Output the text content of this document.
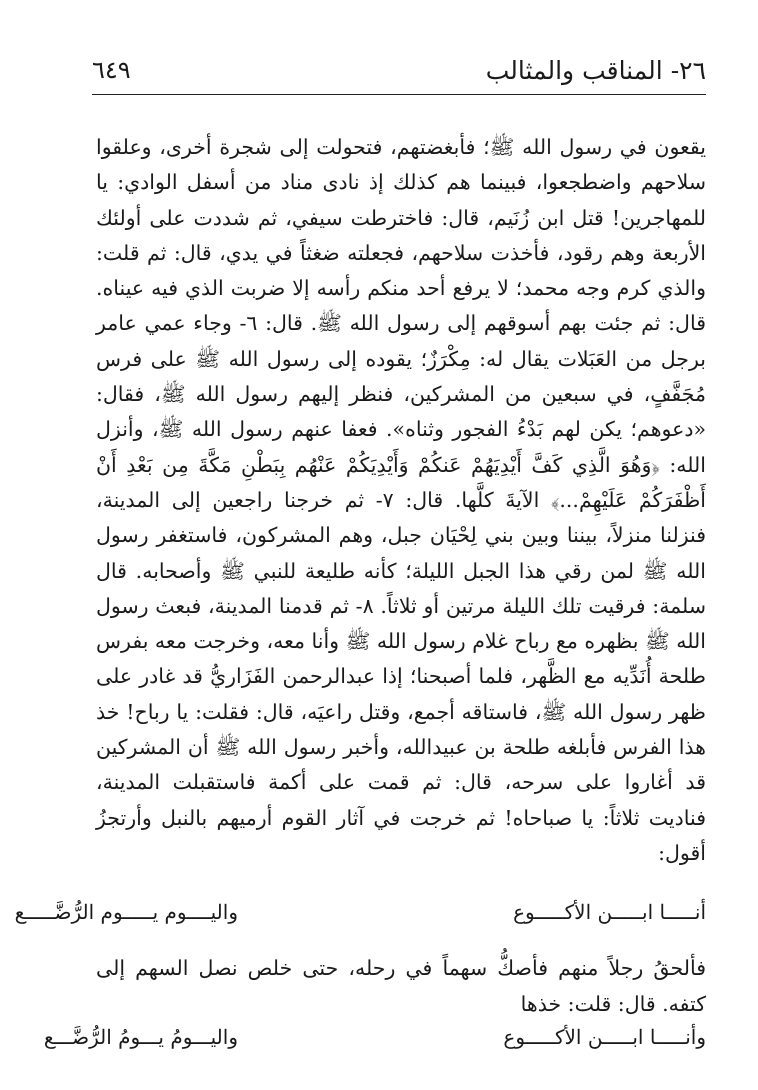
٢٦- المناقب والمثالب
٦٤٩

يقعون في رسول الله ﷺ؛ فأبغضتهم، فتحولت إلى شجرة أخرى، وعلقوا سلاحهم واضطجعوا، فبينما هم كذلك إذ نادى مناد من أسفل الوادي: يا للمهاجرين! قتل ابن زُنَيم، قال: فاخترطت سيفي، ثم شددت على أولئك الأربعة وهم رقود، فأخذت سلاحهم، فجعلته ضغثاً في يدي، قال: ثم قلت: والذي كرم وجه محمد؛ لا يرفع أحد منكم رأسه إلا ضربت الذي فيه عيناه. قال: ثم جئت بهم أسوقهم إلى رسول الله ﷺ. قال: ٦- وجاء عمي عامر برجل من العَبَلات يقال له: مِكْرَزٌ؛ يقوده إلى رسول الله ﷺ على فرس مُجَفَّفٍ، في سبعين من المشركين، فنظر إليهم رسول الله ﷺ، فقال: «دعوهم؛ يكن لهم بَدْءُ الفجور وثناه». فعفا عنهم رسول الله ﷺ، وأنزل الله: ﴿وَهُوَ الَّذِي كَفَّ أَيْدِيَهُمْ عَنكُمْ وَأَيْدِيَكُمْ عَنْهُم بِبَطْنِ مَكَّةَ مِن بَعْدِ أَنْ أَظْفَرَكُمْ عَلَيْهِمْ...﴾ الآيةَ كلَّها. قال: ٧- ثم خرجنا راجعين إلى المدينة، فنزلنا منزلاً، بيننا وبين بني لِحْيَان جبل، وهم المشركون، فاستغفر رسول الله ﷺ لمن رقي هذا الجبل الليلة؛ كأنه طليعة للنبي ﷺ وأصحابه. قال سلمة: فرقيت تلك الليلة مرتين أو ثلاثاً. ٨- ثم قدمنا المدينة، فبعث رسول الله ﷺ بظهره مع رباح غلام رسول الله ﷺ وأنا معه، وخرجت معه بفرس طلحة أُنَدِّيه مع الظَّهر، فلما أصبحنا؛ إذا عبدالرحمن الفَزَاريُّ قد غادر على ظهر رسول الله ﷺ، فاستاقه أجمع، وقتل راعيَه، قال: فقلت: يا رباح! خذ هذا الفرس فأبلغه طلحة بن عبيدالله، وأخبر رسول الله ﷺ أن المشركين قد أغاروا على سرحه، قال: ثم قمت على أكمة فاستقبلت المدينة، فناديت ثلاثاً: يا صباحاه! ثم خرجت في آثار القوم أرميهم بالنبل وأرتجزُ أقول:

أنـــــا ابـــــن الأكـــــوع

واليــــوم يـــــوم الرُّضَّـــــع

فألحقُ رجلاً منهم فأصكُّ سهماً في رحله، حتى خلص نصل السهم إلى كتفه. قال: قلت: خذها

وأنـــــا ابـــــن الأكـــــوع

واليـــومُ يـــومُ الرُّضَّـــع
